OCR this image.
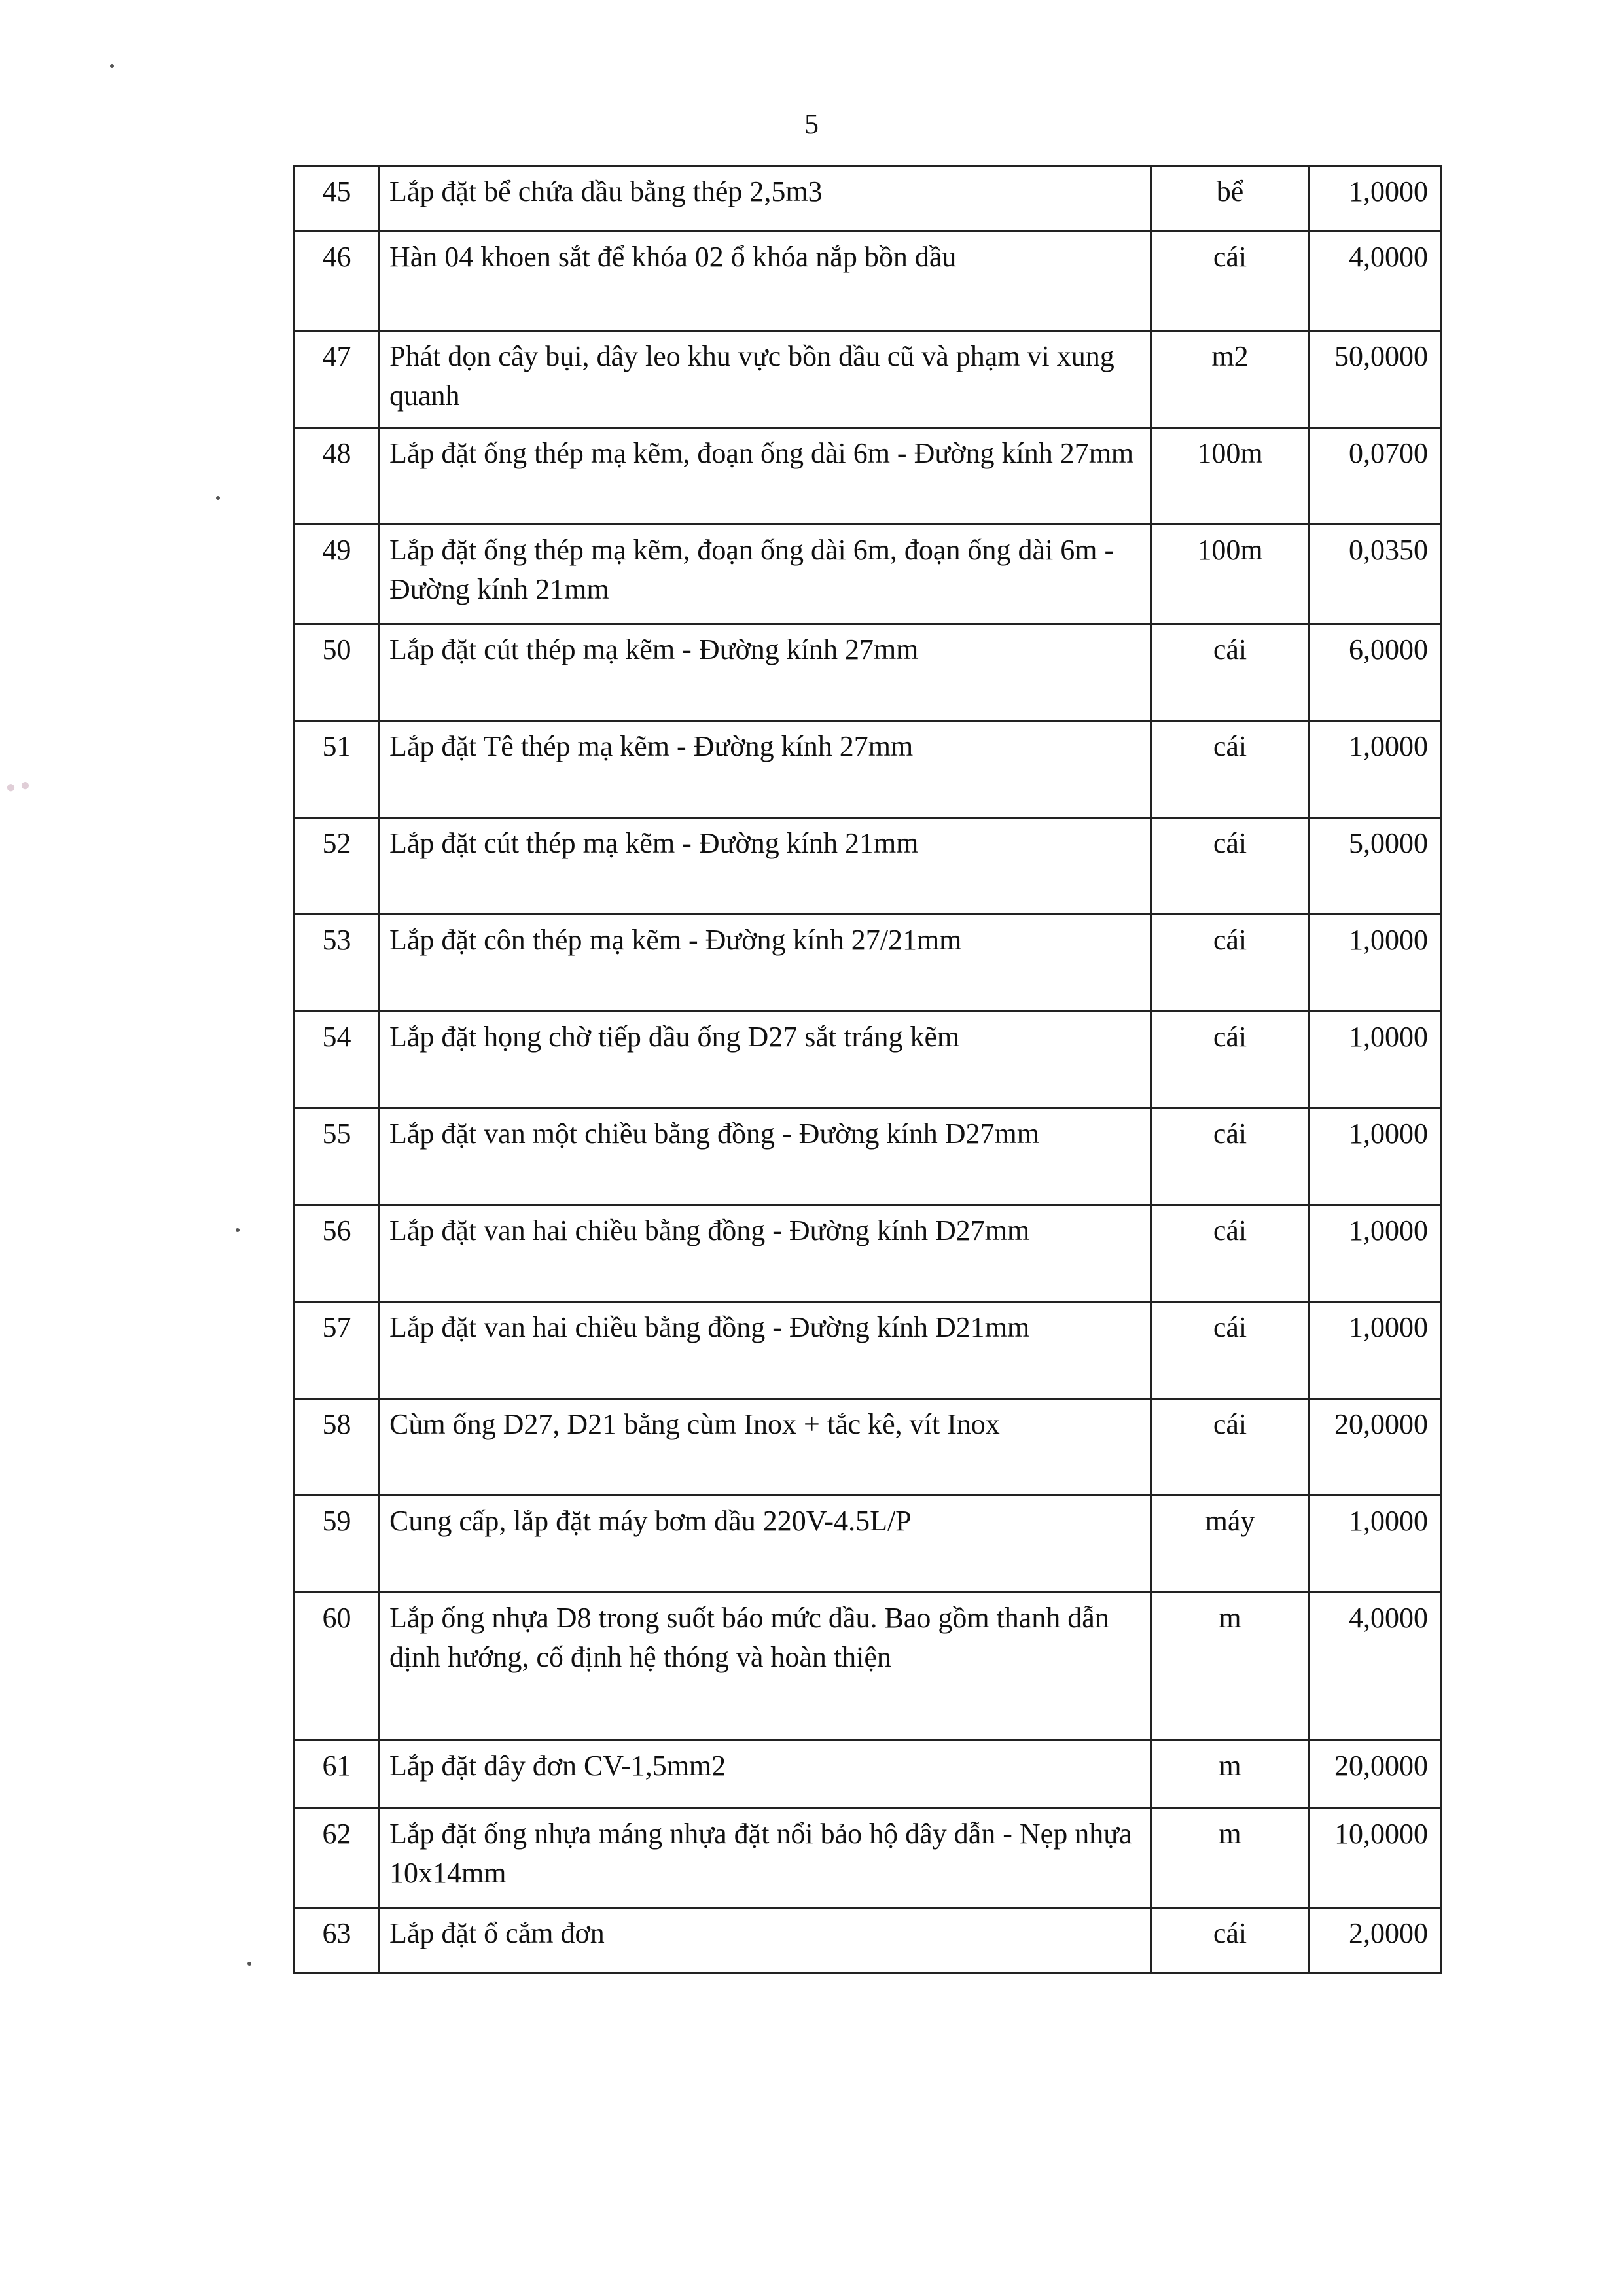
5
● ●
45	Lắp đặt bể chứa dầu bằng thép 2,5m3	bể	1,0000
46	Hàn 04 khoen sắt để khóa 02 ổ khóa nắp bồn dầu	cái	4,0000
47	Phát dọn cây bụi, dây leo khu vực bồn dầu cũ và phạm vi xung quanh	m2	50,0000
48	Lắp đặt ống thép mạ kẽm, đoạn ống dài 6m - Đường kính 27mm	100m	0,0700
49	Lắp đặt ống thép mạ kẽm, đoạn ống dài 6m, đoạn ống dài 6m - Đường kính 21mm	100m	0,0350
50	Lắp đặt cút thép mạ kẽm - Đường kính 27mm	cái	6,0000
51	Lắp đặt Tê thép mạ kẽm - Đường kính 27mm	cái	1,0000
52	Lắp đặt cút thép mạ kẽm - Đường kính 21mm	cái	5,0000
53	Lắp đặt côn thép mạ kẽm - Đường kính 27/21mm	cái	1,0000
54	Lắp đặt họng chờ tiếp dầu ống D27 sắt tráng kẽm	cái	1,0000
55	Lắp đặt van một chiều bằng đồng - Đường kính D27mm	cái	1,0000
56	Lắp đặt van hai chiều bằng đồng - Đường kính D27mm	cái	1,0000
57	Lắp đặt van hai chiều bằng đồng - Đường kính D21mm	cái	1,0000
58	Cùm ống D27, D21 bằng cùm Inox + tắc kê, vít Inox	cái	20,0000
59	Cung cấp, lắp đặt máy bơm dầu 220V-4.5L/P	máy	1,0000
60	Lắp ống nhựa D8 trong suốt báo mức dầu. Bao gồm thanh dẫn dịnh hướng, cố định hệ thóng và hoàn thiện	m	4,0000
61	Lắp đặt dây đơn CV-1,5mm2	m	20,0000
62	Lắp đặt ống nhựa máng nhựa đặt nổi bảo hộ dây dẫn - Nẹp nhựa 10x14mm	m	10,0000
63	Lắp đặt ổ cắm đơn	cái	2,0000
